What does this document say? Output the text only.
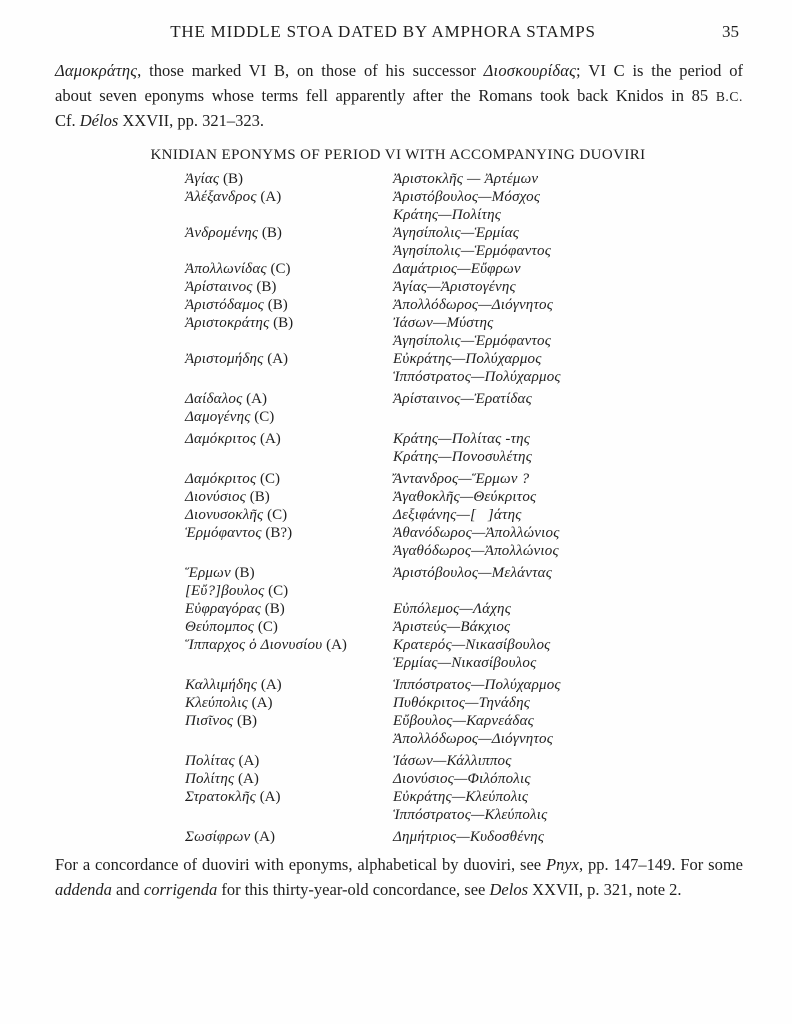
THE MIDDLE STOA DATED BY AMPHORA STAMPS	35
Δαμοκράτης, those marked VI B, on those of his successor Διοσκουρίδας; VI C is the period of
about seven eponyms whose terms fell apparently after the Romans took back Knidos in 85 B.C.
Cf. Délos XXVII, pp. 321–323.
KNIDIAN EPONYMS OF PERIOD VI WITH ACCOMPANYING DUOVIRI
Ἀγίας (B)	Ἀριστοκλῆς — Ἀρτέμων
Ἀλέξανδρος (A)	Ἀριστόβουλος—Μόσχος
Κράτης—Πολίτης
Ἀνδρομένης (B)	Ἀγησίπολις—Ἑρμίας
Ἀγησίπολις—Ἑρμόφαντος
Ἀπολλωνίδας (C)	Δαμάτριος—Εὔφρων
Ἀρίσταινος (B)	Ἀγίας—Ἀριστογένης
Ἀριστόδαμος (B)	Ἀπολλόδωρος—Διόγνητος
Ἀριστοκράτης (B)	Ἰάσων—Μύστης
Ἀγησίπολις—Ἑρμόφαντος
Ἀριστομήδης (A)	Εὐκράτης—Πολύχαρμος
Ἱππόστρατος—Πολύχαρμος
Δαίδαλος (A)	Ἀρίσταινος—Ἐρατίδας
Δαμογένης (C)
Δαμόκριτος (A)	Κράτης—Πολίτας -της
Κράτης—Πονοσυλέτης
Δαμόκριτος (C)	Ἄντανδρος—Ἕρμων ?
Διονύσιος (B)	Ἀγαθοκλῆς—Θεύκριτος
Διονυσοκλῆς (C)	Δεξιφάνης—[   ]άτης
Ἑρμόφαντος (B?)	Ἀθανόδωρος—Ἀπολλώνιος
Ἀγαθόδωρος—Ἀπολλώνιος
Ἕρμων (B)	Ἀριστόβουλος—Μελάντας
[Εὔ?]βουλος (C)
Εὐφραγόρας (B)	Εὐπόλεμος—Λάχης
Θεύπομπος (C)	Ἀριστεύς—Βάκχιος
Ἵππαρχος ὁ Διονυσίου (A)	Κρατερός—Νικασίβουλος
Ἑρμίας—Νικασίβουλος
Καλλιμήδης (A)	Ἱππόστρατος—Πολύχαρμος
Κλεύπολις (A)	Πυθόκριτος—Τηνάδης
Πισῖνος (B)	Εὔβουλος—Καρνεάδας
Ἀπολλόδωρος—Διόγνητος
Πολίτας (A)	Ἰάσων—Κάλλιππος
Πολίτης (A)	Διονύσιος—Φιλόπολις
Στρατοκλῆς (A)	Εὐκράτης—Κλεύπολις
Ἱππόστρατος—Κλεύπολις
Σωσίφρων (A)	Δημήτριος—Κυδοσθένης
For a concordance of duoviri with eponyms, alphabetical by duoviri, see Pnyx, pp. 147–149. For some
addenda and corrigenda for this thirty-year-old concordance, see Delos XXVII, p. 321, note 2.
